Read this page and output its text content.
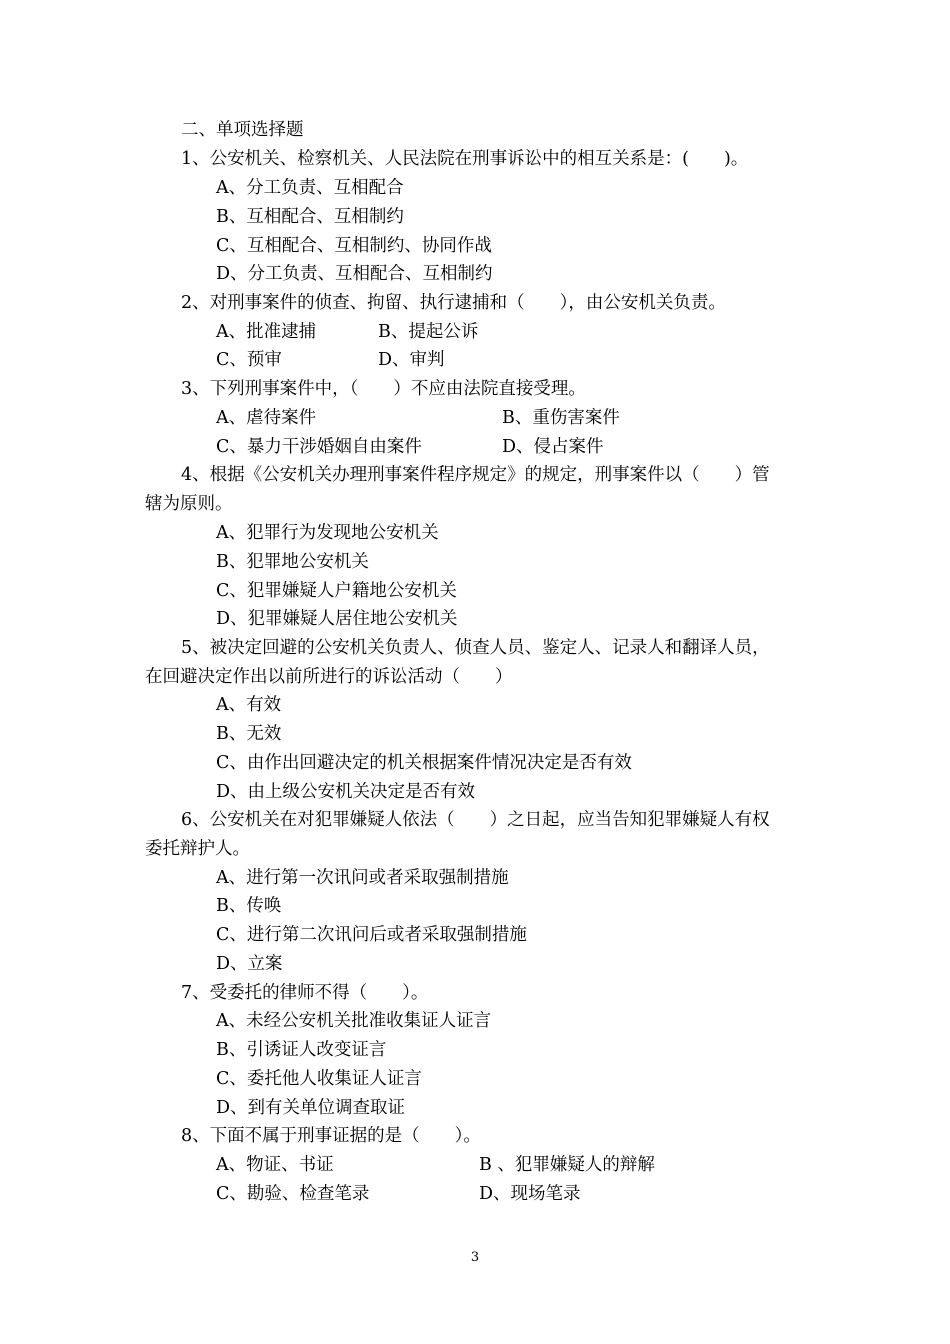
二、单项选择题
1、公安机关、检察机关、人民法院在刑事诉讼中的相互关系是：(　　)。
A、分工负责、互相配合
B、互相配合、互相制约
C、互相配合、互相制约、协同作战
D、分工负责、互相配合、互相制约
2、对刑事案件的侦查、拘留、执行逮捕和（　　），由公安机关负责。
A、批准逮捕	B、提起公诉
C、预审	D、审判
3、下列刑事案件中，（　　）不应由法院直接受理。
A、虐待案件	B、重伤害案件
C、暴力干涉婚姻自由案件	D、侵占案件
4、根据《公安机关办理刑事案件程序规定》的规定，刑事案件以（　　）管
辖为原则。
A、犯罪行为发现地公安机关
B、犯罪地公安机关
C、犯罪嫌疑人户籍地公安机关
D、犯罪嫌疑人居住地公安机关
5、被决定回避的公安机关负责人、侦查人员、鉴定人、记录人和翻译人员，
在回避决定作出以前所进行的诉讼活动（　　）
A、有效
B、无效
C、由作出回避决定的机关根据案件情况决定是否有效
D、由上级公安机关决定是否有效
6、公安机关在对犯罪嫌疑人依法（　　）之日起，应当告知犯罪嫌疑人有权
委托辩护人。
A、进行第一次讯问或者采取强制措施
B、传唤
C、进行第二次讯问后或者采取强制措施
D、立案
7、受委托的律师不得（　　）。
A、未经公安机关批准收集证人证言
B、引诱证人改变证言
C、委托他人收集证人证言
D、到有关单位调查取证
8、下面不属于刑事证据的是（　　）。
A、物证、书证	B 、犯罪嫌疑人的辩解
C、勘验、检查笔录	D、现场笔录
3
